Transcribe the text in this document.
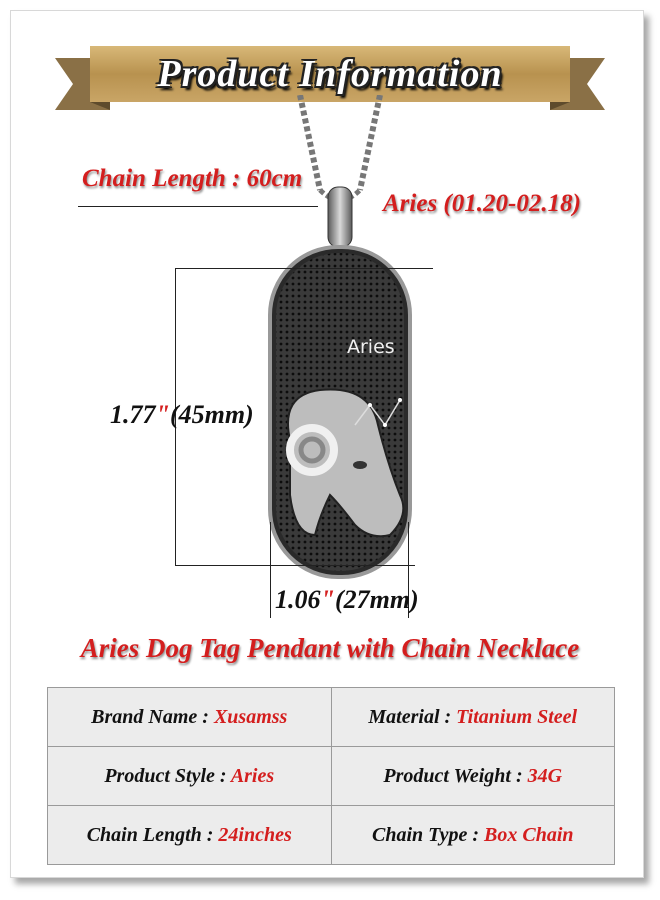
Product Information
Chain Length : 60cm
Aries (01.20-02.18)
Aries
1.77"(45mm)
1.06"(27mm)
Aries Dog Tag Pendant with Chain Necklace
Brand Name : Xusamss	Material : Titanium Steel
Product Style : Aries	Product Weight : 34G
Chain Length : 24inches	Chain Type : Box Chain
